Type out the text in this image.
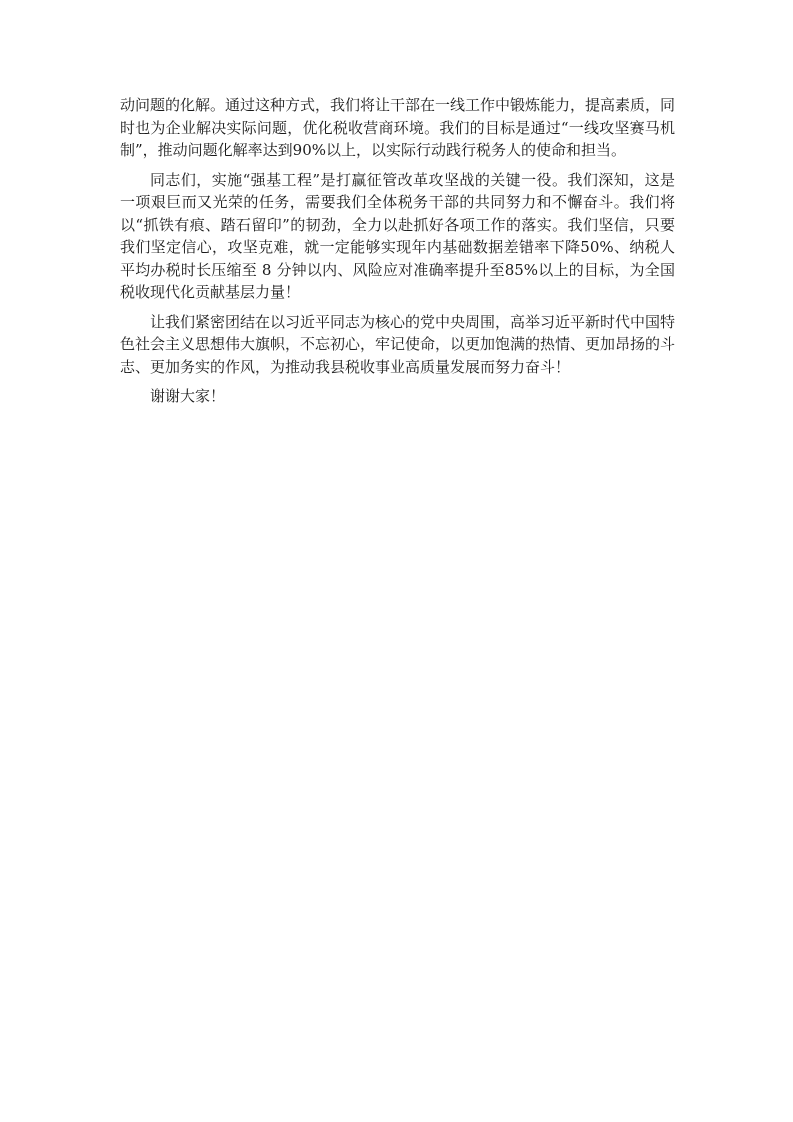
动问题的化解。通过这种方式，我们将让干部在一线工作中锻炼能力，提高素质，同时也为企业解决实际问题，优化税收营商环境。我们的目标是通过“一线攻坚赛马机制”，推动问题化解率达到90%以上，以实际行动践行税务人的使命和担当。

同志们，实施“强基工程”是打赢征管改革攻坚战的关键一役。我们深知，这是一项艰巨而又光荣的任务，需要我们全体税务干部的共同努力和不懈奋斗。我们将以“抓铁有痕、踏石留印”的韧劲，全力以赴抓好各项工作的落实。我们坚信，只要我们坚定信心，攻坚克难，就一定能够实现年内基础数据差错率下降50%、纳税人平均办税时长压缩至 8 分钟以内、风险应对准确率提升至85%以上的目标，为全国税收现代化贡献基层力量！

让我们紧密团结在以习近平同志为核心的党中央周围，高举习近平新时代中国特色社会主义思想伟大旗帜，不忘初心，牢记使命，以更加饱满的热情、更加昂扬的斗志、更加务实的作风，为推动我县税收事业高质量发展而努力奋斗！

谢谢大家！
